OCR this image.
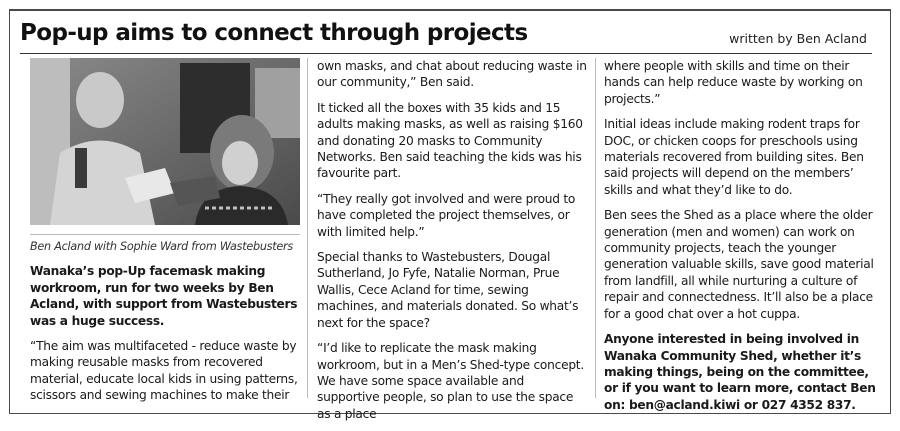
Pop-up aims to connect through projects	written by Ben Acland

Ben Acland with Sophie Ward from Wastebusters

Wanaka’s pop-Up facemask making workroom, run for two weeks by Ben Acland, with support from Wastebusters was a huge success.

“The aim was multifaceted - reduce waste by making reusable masks from recovered material, educate local kids in using patterns, scissors and sewing machines to make their

own masks, and chat about reducing waste in our community,” Ben said.

It ticked all the boxes with 35 kids and 15 adults making masks, as well as raising $160 and donating 20 masks to Community Networks. Ben said teaching the kids was his favourite part.

“They really got involved and were proud to have completed the project themselves, or with limited help.”

Special thanks to Wastebusters, Dougal Sutherland, Jo Fyfe, Natalie Norman, Prue Wallis, Cece Acland for time, sewing machines, and materials donated. So what’s next for the space?

“I’d like to replicate the mask making workroom, but in a Men’s Shed-type concept. We have some space available and supportive people, so plan to use the space as a place

where people with skills and time on their hands can help reduce waste by working on projects.”

Initial ideas include making rodent traps for DOC, or chicken coops for preschools using materials recovered from building sites. Ben said projects will depend on the members’ skills and what they’d like to do.

Ben sees the Shed as a place where the older generation (men and women) can work on community projects, teach the younger generation valuable skills, save good material from landfill, all while nurturing a culture of repair and connectedness. It’ll also be a place for a good chat over a hot cuppa.

Anyone interested in being involved in Wanaka Community Shed, whether it’s making things, being on the committee, or if you want to learn more, contact Ben on: ben@acland.kiwi or 027 4352 837.
